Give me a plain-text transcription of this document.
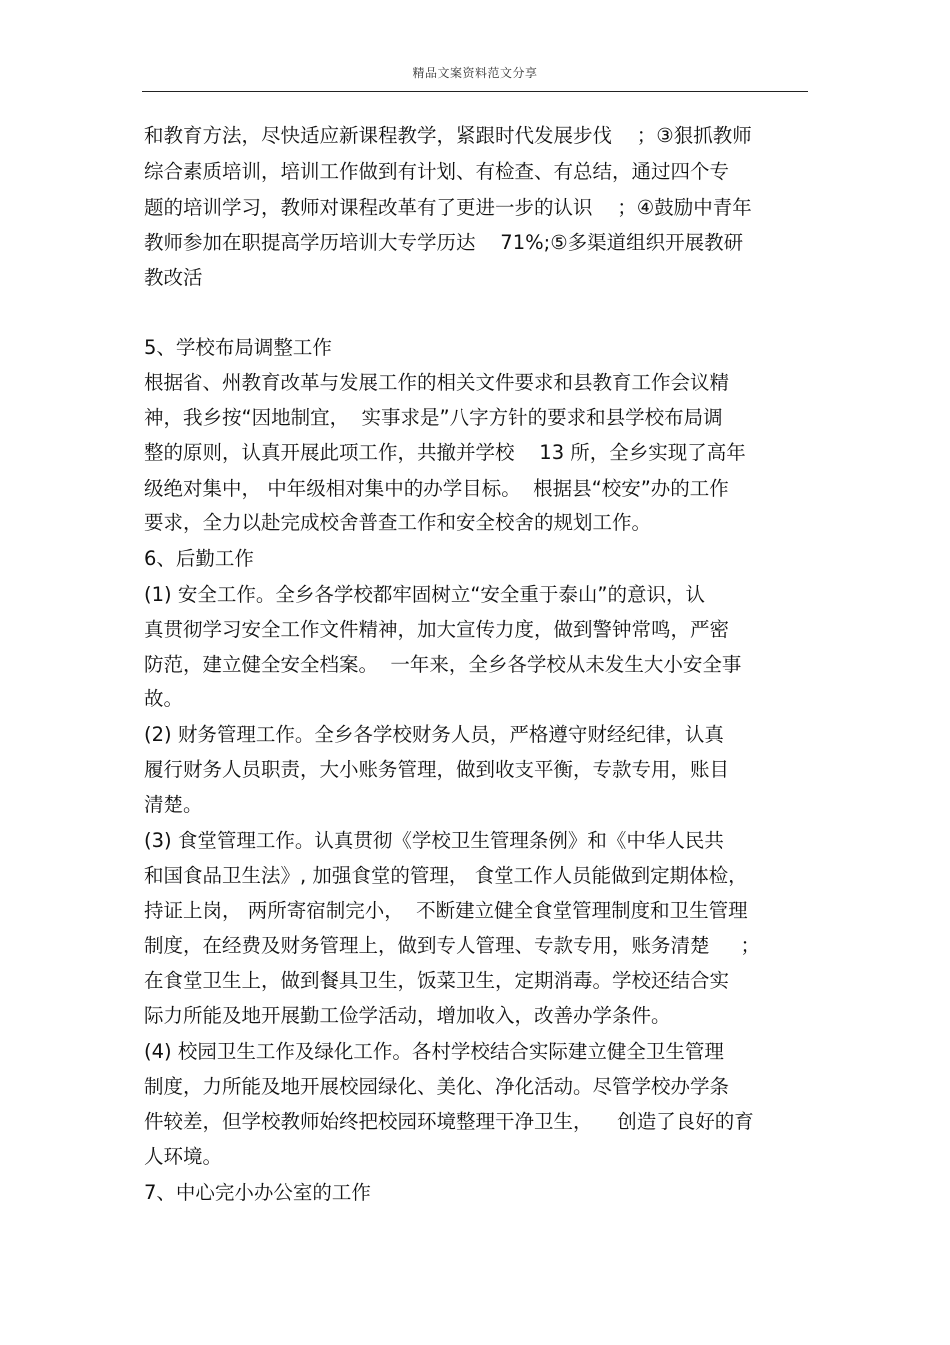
精品文案资料范文分享
和教育方法，尽快适应新课程教学，紧跟时代发展步伐    ；③狠抓教师
综合素质培训，培训工作做到有计划、有检查、有总结，通过四个专
题的培训学习，教师对课程改革有了更进一步的认识    ；④鼓励中青年
教师参加在职提高学历培训大专学历达    71%;⑤多渠道组织开展教研
教改活
5、学校布局调整工作
根据省、州教育改革与发展工作的相关文件要求和县教育工作会议精
神，我乡按“因地制宜，  实事求是”八字方针的要求和县学校布局调
整的原则，认真开展此项工作，共撤并学校    13 所，全乡实现了高年
级绝对集中， 中年级相对集中的办学目标。  根据县“校安”办的工作
要求，全力以赴完成校舍普查工作和安全校舍的规划工作。
6、后勤工作
(1) 安全工作。全乡各学校都牢固树立“安全重于泰山”的意识，认
真贯彻学习安全工作文件精神，加大宣传力度，做到警钟常鸣，严密
防范，建立健全安全档案。  一年来，全乡各学校从未发生大小安全事
故。
(2) 财务管理工作。全乡各学校财务人员，严格遵守财经纪律，认真
履行财务人员职责，大小账务管理，做到收支平衡，专款专用，账目
清楚。
(3) 食堂管理工作。认真贯彻《学校卫生管理条例》和《中华人民共
和国食品卫生法》, 加强食堂的管理， 食堂工作人员能做到定期体检，
持证上岗， 两所寄宿制完小，  不断建立健全食堂管理制度和卫生管理
制度，在经费及财务管理上，做到专人管理、专款专用，账务清楚     ；
在食堂卫生上，做到餐具卫生，饭菜卫生，定期消毒。学校还结合实
际力所能及地开展勤工俭学活动，增加收入，改善办学条件。
(4) 校园卫生工作及绿化工作。各村学校结合实际建立健全卫生管理
制度，力所能及地开展校园绿化、美化、净化活动。尽管学校办学条
件较差，但学校教师始终把校园环境整理干净卫生，    创造了良好的育
人环境。
7、中心完小办公室的工作
